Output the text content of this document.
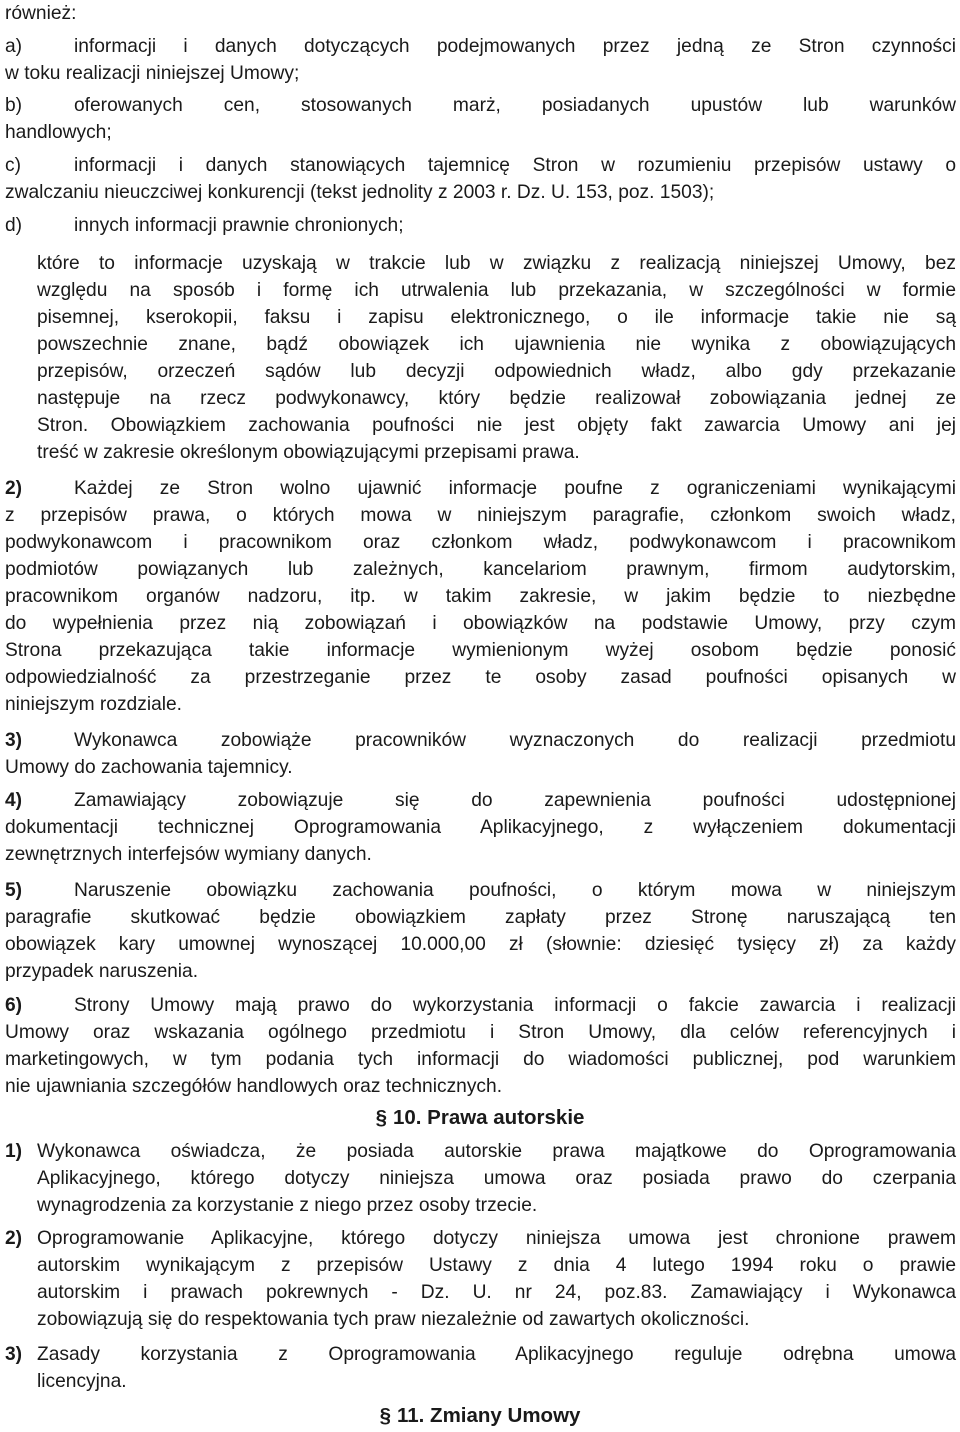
również:
a)	informacji i danych dotyczących podejmowanych przez jedną ze Stron czynności
w toku realizacji niniejszej Umowy;
b)	oferowanych cen, stosowanych marż, posiadanych upustów lub warunków
handlowych;
c)	informacji i danych stanowiących tajemnicę Stron w rozumieniu przepisów ustawy o
zwalczaniu nieuczciwej konkurencji (tekst jednolity z 2003 r. Dz. U. 153, poz. 1503);
d)	innych informacji prawnie chronionych;
które to informacje uzyskają w trakcie lub w związku z realizacją niniejszej Umowy, bez
względu na sposób i formę ich utrwalenia lub przekazania, w szczególności w formie
pisemnej, kserokopii, faksu i zapisu elektronicznego, o ile informacje takie nie są
powszechnie znane, bądź obowiązek ich ujawnienia nie wynika z obowiązujących
przepisów, orzeczeń sądów lub decyzji odpowiednich władz, albo gdy przekazanie
następuje na rzecz podwykonawcy, który będzie realizował zobowiązania jednej ze
Stron. Obowiązkiem zachowania poufności nie jest objęty fakt zawarcia Umowy ani jej
treść w zakresie określonym obowiązującymi przepisami prawa.
2)	Każdej ze Stron wolno ujawnić informacje poufne z ograniczeniami wynikającymi
z przepisów prawa, o których mowa w niniejszym paragrafie, członkom swoich władz,
podwykonawcom i pracownikom oraz członkom władz, podwykonawcom i pracownikom
podmiotów powiązanych lub zależnych, kancelariom prawnym, firmom audytorskim,
pracownikom organów nadzoru, itp. w takim zakresie, w jakim będzie to niezbędne
do wypełnienia przez nią zobowiązań i obowiązków na podstawie Umowy, przy czym
Strona przekazująca takie informacje wymienionym wyżej osobom będzie ponosić
odpowiedzialność za przestrzeganie przez te osoby zasad poufności opisanych w
niniejszym rozdziale.
3)	Wykonawca zobowiąże pracowników wyznaczonych do realizacji przedmiotu
Umowy do zachowania tajemnicy.
4)	Zamawiający zobowiązuje się do zapewnienia poufności udostępnionej
dokumentacji technicznej Oprogramowania Aplikacyjnego, z wyłączeniem dokumentacji
zewnętrznych interfejsów wymiany danych.
5)	Naruszenie obowiązku zachowania poufności, o którym mowa w niniejszym
paragrafie skutkować będzie obowiązkiem zapłaty przez Stronę naruszającą ten
obowiązek kary umownej wynoszącej 10.000,00 zł (słownie: dziesięć tysięcy zł) za każdy
przypadek naruszenia.
6)	Strony Umowy mają prawo do wykorzystania informacji o fakcie zawarcia i realizacji
Umowy oraz wskazania ogólnego przedmiotu i Stron Umowy, dla celów referencyjnych i
marketingowych, w tym podania tych informacji do wiadomości publicznej, pod warunkiem
nie ujawniania szczegółów handlowych oraz technicznych.
§ 10. Prawa autorskie
1) Wykonawca oświadcza, że posiada autorskie prawa majątkowe do Oprogramowania
Aplikacyjnego, którego dotyczy niniejsza umowa oraz posiada prawo do czerpania
wynagrodzenia za korzystanie z niego przez osoby trzecie.
2) Oprogramowanie Aplikacyjne, którego dotyczy niniejsza umowa jest chronione prawem
autorskim wynikającym z przepisów Ustawy z dnia 4 lutego 1994 roku o prawie
autorskim i prawach pokrewnych - Dz. U. nr 24, poz.83. Zamawiający i Wykonawca
zobowiązują się do respektowania tych praw niezależnie od zawartych okoliczności.
3) Zasady korzystania z Oprogramowania Aplikacyjnego reguluje odrębna umowa
licencyjna.
§ 11. Zmiany Umowy
